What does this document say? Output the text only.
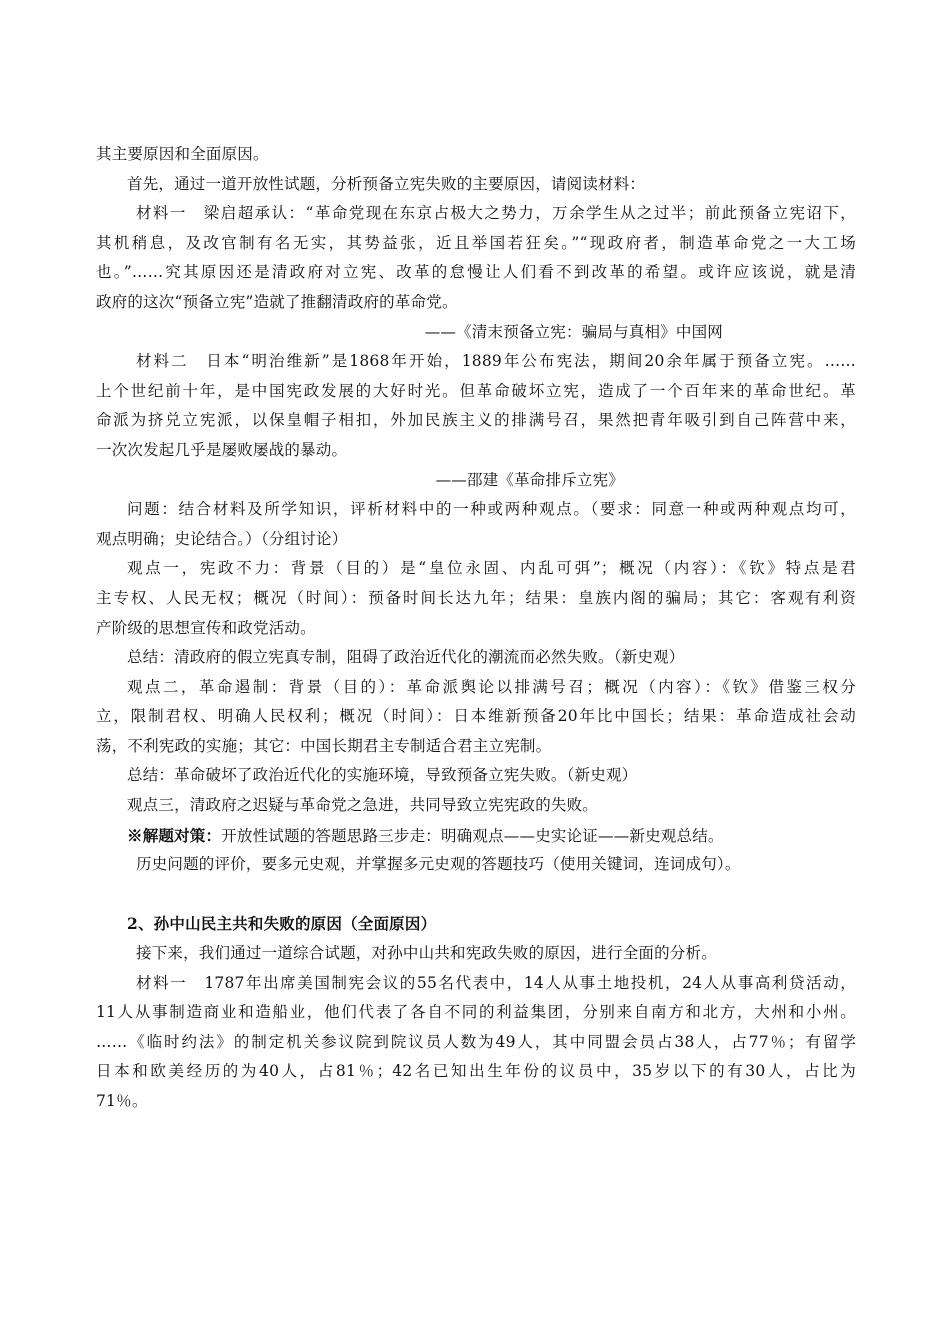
其主要原因和全面原因。
首先，通过一道开放性试题，分析预备立宪失败的主要原因，请阅读材料：
材料一　梁启超承认：“革命党现在东京占极大之势力，万余学生从之过半；前此预备立宪诏下，
其机稍息，及改官制有名无实，其势益张，近且举国若狂矣。”“现政府者，制造革命党之一大工场
也。”……究其原因还是清政府对立宪、改革的怠慢让人们看不到改革的希望。或许应该说，就是清
政府的这次“预备立宪”造就了推翻清政府的革命党。
——《清末预备立宪：骗局与真相》中国网
材料二　日本“明治维新”是1868年开始，1889年公布宪法，期间20余年属于预备立宪。……
上个世纪前十年，是中国宪政发展的大好时光。但革命破坏立宪，造成了一个百年来的革命世纪。革
命派为挤兑立宪派，以保皇帽子相扣，外加民族主义的排满号召，果然把青年吸引到自己阵营中来，
一次次发起几乎是屡败屡战的暴动。
——邵建《革命排斥立宪》
问题：结合材料及所学知识，评析材料中的一种或两种观点。（要求：同意一种或两种观点均可，
观点明确；史论结合。）（分组讨论）
观点一，宪政不力：背景（目的）是“皇位永固、内乱可弭”；概况（内容）：《钦》特点是君
主专权、人民无权；概况（时间）：预备时间长达九年；结果：皇族内阁的骗局；其它：客观有利资
产阶级的思想宣传和政党活动。
总结：清政府的假立宪真专制，阻碍了政治近代化的潮流而必然失败。（新史观）
观点二，革命遏制：背景（目的）：革命派舆论以排满号召；概况（内容）：《钦》借鉴三权分
立，限制君权、明确人民权利；概况（时间）：日本维新预备20年比中国长；结果：革命造成社会动
荡，不利宪政的实施；其它：中国长期君主专制适合君主立宪制。
总结：革命破坏了政治近代化的实施环境，导致预备立宪失败。（新史观）
观点三，清政府之迟疑与革命党之急进，共同导致立宪宪政的失败。
※解题对策：开放性试题的答题思路三步走：明确观点——史实论证——新史观总结。
历史问题的评价，要多元史观，并掌握多元史观的答题技巧（使用关键词，连词成句）。
2、孙中山民主共和失败的原因（全面原因）
接下来，我们通过一道综合试题，对孙中山共和宪政失败的原因，进行全面的分析。
材料一　1787年出席美国制宪会议的55名代表中，14人从事土地投机，24人从事高利贷活动，
11人从事制造商业和造船业，他们代表了各自不同的利益集团，分别来自南方和北方，大州和小州。
……《临时约法》的制定机关参议院到院议员人数为49人，其中同盟会员占38人，占77％；有留学
日本和欧美经历的为40人，占81％；42名已知出生年份的议员中，35岁以下的有30人，占比为
71％。
